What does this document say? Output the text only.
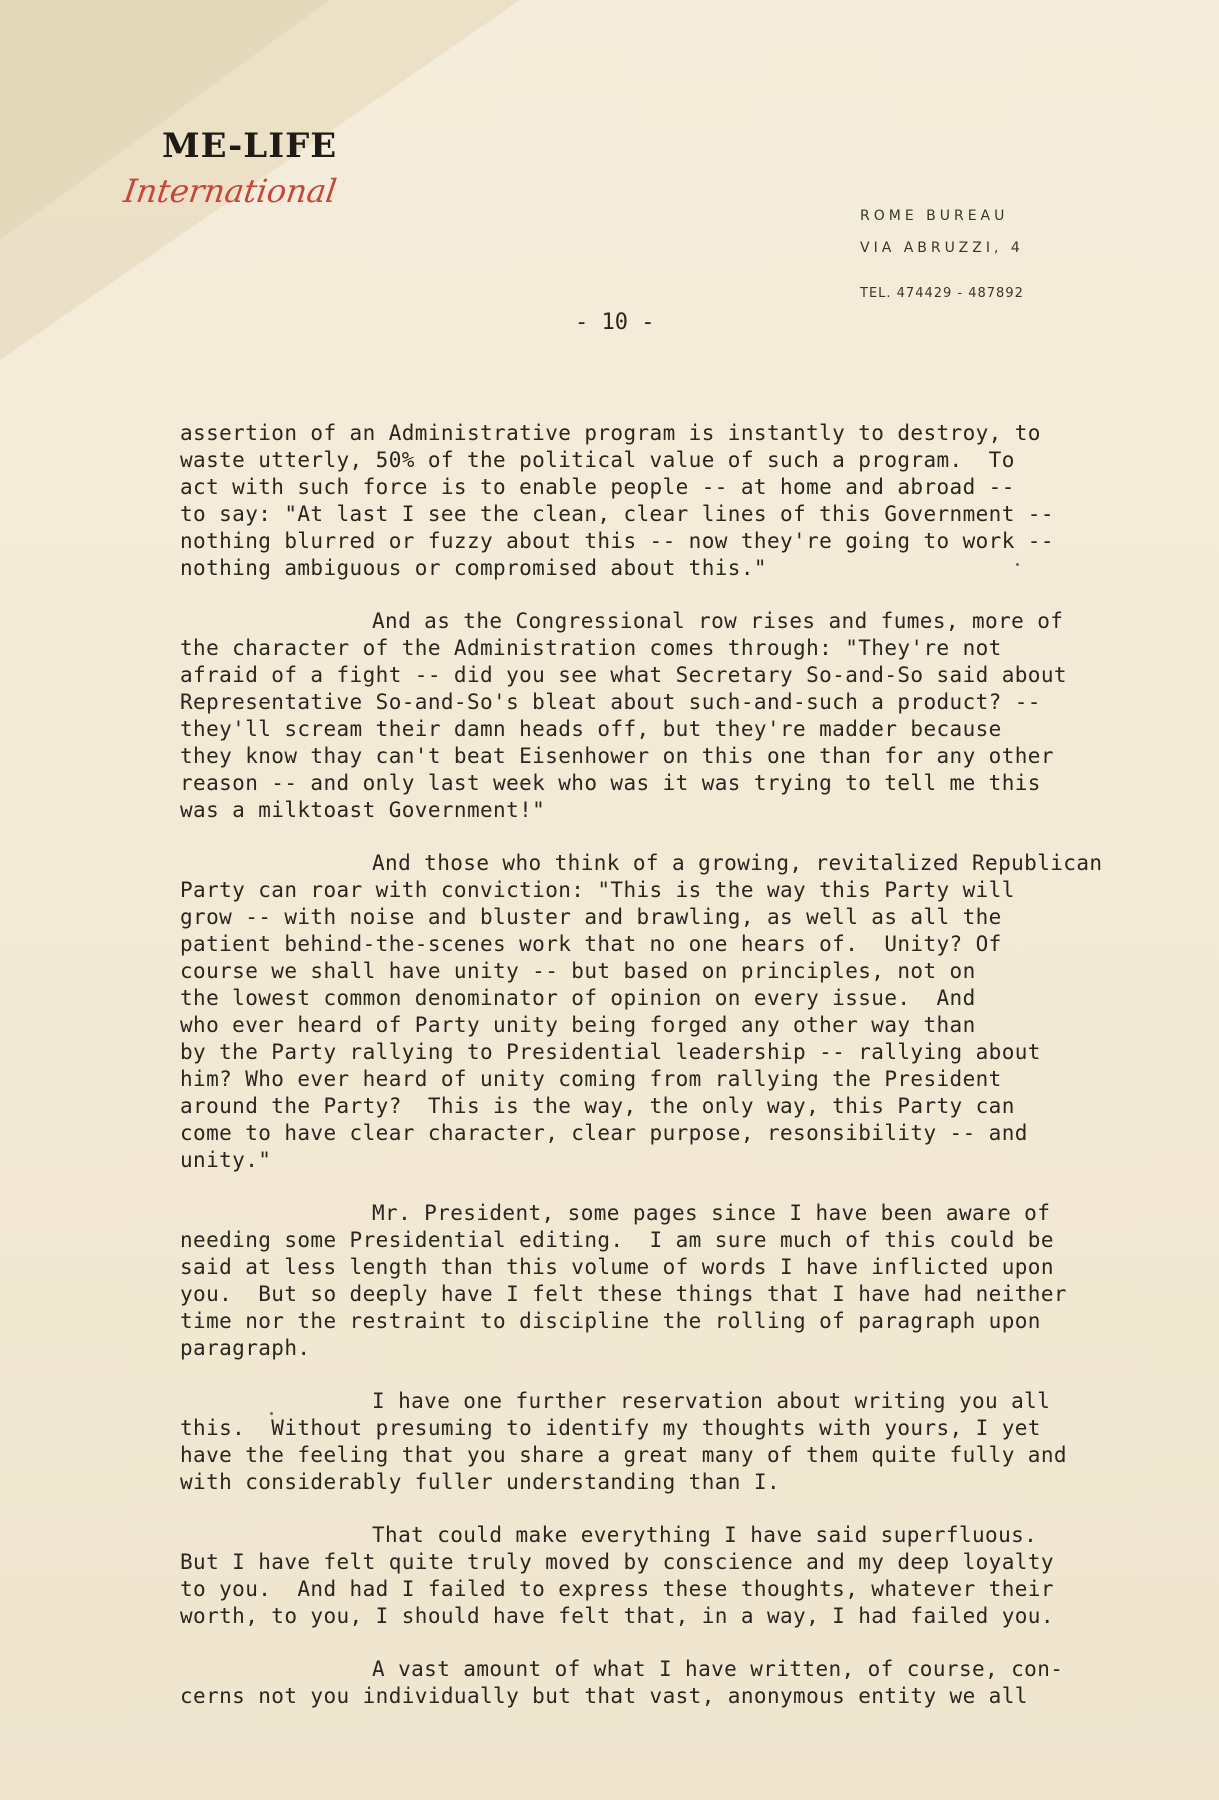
ME-LIFE
International
ROME BUREAU
VIA ABRUZZI, 4
TEL. 474429 - 487892
- 10 -
assertion of an Administrative program is instantly to destroy, to
waste utterly, 50% of the political value of such a program.  To
act with such force is to enable people -- at home and abroad --
to say: "At last I see the clean, clear lines of this Government --
nothing blurred or fuzzy about this -- now they're going to work --
nothing ambiguous or compromised about this."
And as the Congressional row rises and fumes, more of
the character of the Administration comes through: "They're not
afraid of a fight -- did you see what Secretary So-and-So said about
Representative So-and-So's bleat about such-and-such a product? --
they'll scream their damn heads off, but they're madder because
they know thay can't beat Eisenhower on this one than for any other
reason -- and only last week who was it was trying to tell me this
was a milktoast Government!"
And those who think of a growing, revitalized Republican
Party can roar with conviction: "This is the way this Party will
grow -- with noise and bluster and brawling, as well as all the
patient behind-the-scenes work that no one hears of.  Unity? Of
course we shall have unity -- but based on principles, not on
the lowest common denominator of opinion on every issue.  And
who ever heard of Party unity being forged any other way than
by the Party rallying to Presidential leadership -- rallying about
him? Who ever heard of unity coming from rallying the President
around the Party?  This is the way, the only way, this Party can
come to have clear character, clear purpose, resonsibility -- and
unity."
Mr. President, some pages since I have been aware of
needing some Presidential editing.  I am sure much of this could be
said at less length than this volume of words I have inflicted upon
you.  But so deeply have I felt these things that I have had neither
time nor the restraint to discipline the rolling of paragraph upon
paragraph.
I have one further reservation about writing you all
this.  Without presuming to identify my thoughts with yours, I yet
have the feeling that you share a great many of them quite fully and
with considerably fuller understanding than I.
That could make everything I have said superfluous.
But I have felt quite truly moved by conscience and my deep loyalty
to you.  And had I failed to express these thoughts, whatever their
worth, to you, I should have felt that, in a way, I had failed you.
A vast amount of what I have written, of course, con-
cerns not you individually but that vast, anonymous entity we all
